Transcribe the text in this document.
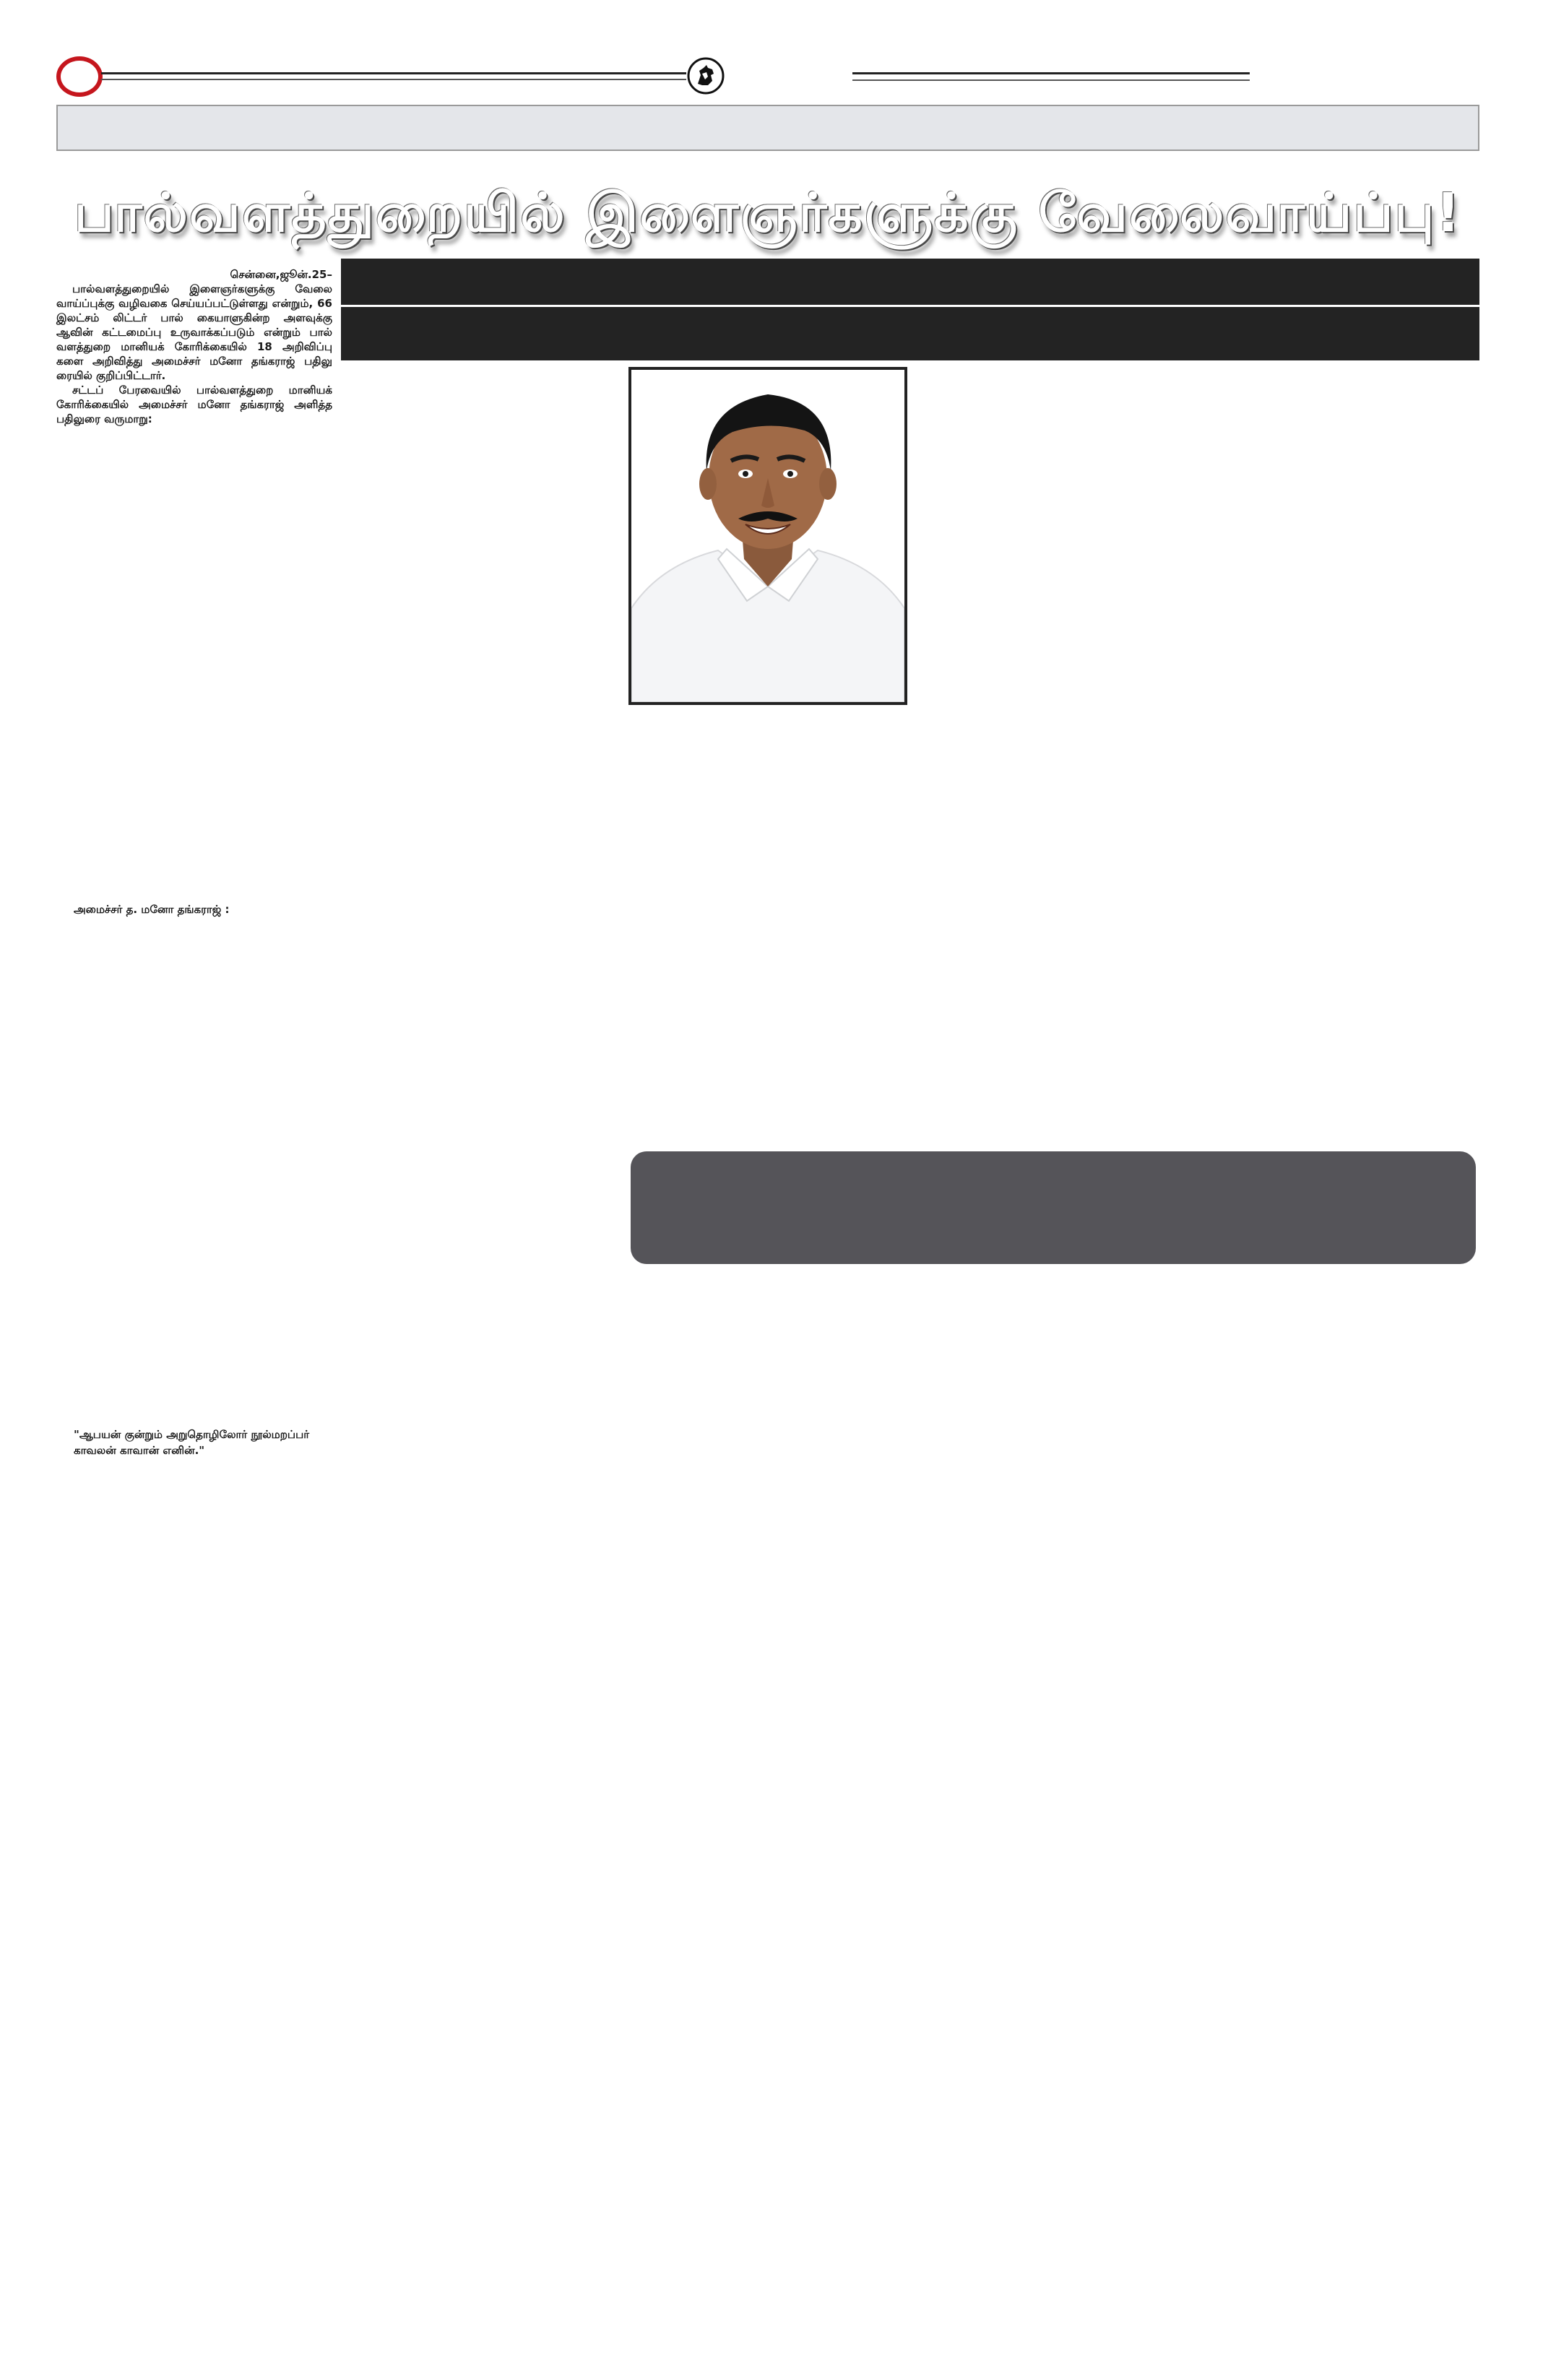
பால்வளத்துறையில் இளைஞர்களுக்கு வேலைவாய்ப்பு!
சென்னை,ஜூன்.25–

பால்வளத்துறையில் இளைஞர்களுக்கு வேலை வாய்ப்புக்கு வழிவகை செய்யப்பட்டுள்ளது என்றும், 66 இலட்சம் லிட்டர் பால் கையாளுகின்ற அளவுக்கு ஆவின் கட்டமைப்பு உருவாக்கப்படும் என்றும் பால் வளத்துறை மானியக் கோரிக்கையில் 18 அறிவிப்பு களை அறிவித்து அமைச்சர் மனோ தங்கராஜ் பதிலு ரையில் குறிப்பிட்டார்.

சட்டப் பேரவையில் பால்வளத்துறை மானியக் கோரிக்கையில் அமைச்சர் மனோ தங்கராஜ் அளித்த பதிலுரை வருமாறு:

அமைச்சர் த. மனோ தங்கராஜ் :
"ஆபயன் குன்றும் அறுதொழிலோர் நூல்மறப்பர் காவலன் காவான் எனின்."
